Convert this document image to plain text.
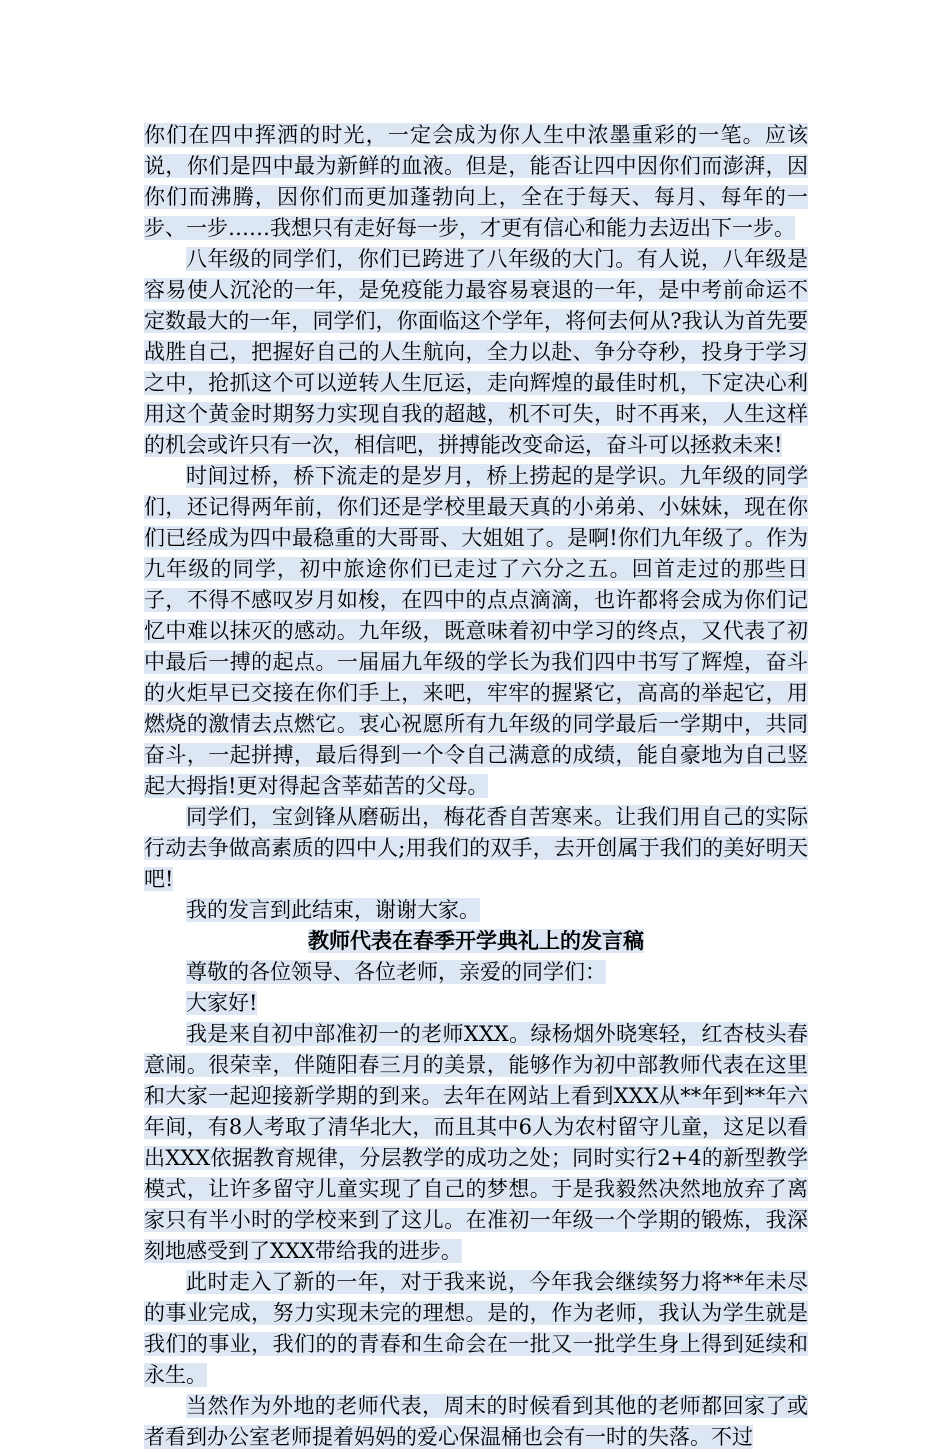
你们在四中挥洒的时光，一定会成为你人生中浓墨重彩的一笔。应该说，你们是四中最为新鲜的血液。但是，能否让四中因你们而澎湃，因你们而沸腾，因你们而更加蓬勃向上，全在于每天、每月、每年的一步、一步……我想只有走好每一步，才更有信心和能力去迈出下一步。

八年级的同学们，你们已跨进了八年级的大门。有人说，八年级是容易使人沉沦的一年，是免疫能力最容易衰退的一年，是中考前命运不定数最大的一年，同学们，你面临这个学年，将何去何从?我认为首先要战胜自己，把握好自己的人生航向，全力以赴、争分夺秒，投身于学习之中，抢抓这个可以逆转人生厄运，走向辉煌的最佳时机，下定决心利用这个黄金时期努力实现自我的超越，机不可失，时不再来，人生这样的机会或许只有一次，相信吧，拼搏能改变命运，奋斗可以拯救未来!

时间过桥，桥下流走的是岁月，桥上捞起的是学识。九年级的同学们，还记得两年前，你们还是学校里最天真的小弟弟、小妹妹，现在你们已经成为四中最稳重的大哥哥、大姐姐了。是啊!你们九年级了。作为九年级的同学，初中旅途你们已走过了六分之五。回首走过的那些日子，不得不感叹岁月如梭，在四中的点点滴滴，也许都将会成为你们记忆中难以抹灭的感动。九年级，既意味着初中学习的终点，又代表了初中最后一搏的起点。一届届九年级的学长为我们四中书写了辉煌，奋斗的火炬早已交接在你们手上，来吧，牢牢的握紧它，高高的举起它，用燃烧的激情去点燃它。衷心祝愿所有九年级的同学最后一学期中，共同奋斗，一起拼搏，最后得到一个令自己满意的成绩，能自豪地为自己竖起大拇指!更对得起含莘茹苦的父母。

同学们，宝剑锋从磨砺出，梅花香自苦寒来。让我们用自己的实际行动去争做高素质的四中人;用我们的双手，去开创属于我们的美好明天吧!

我的发言到此结束，谢谢大家。

教师代表在春季开学典礼上的发言稿

尊敬的各位领导、各位老师，亲爱的同学们：

大家好!

我是来自初中部准初一的老师XXX。绿杨烟外晓寒轻，红杏枝头春意闹。很荣幸，伴随阳春三月的美景，能够作为初中部教师代表在这里和大家一起迎接新学期的到来。去年在网站上看到XXX从**年到**年六年间，有8人考取了清华北大，而且其中6人为农村留守儿童，这足以看出XXX依据教育规律，分层教学的成功之处；同时实行2+4的新型教学模式，让许多留守儿童实现了自己的梦想。于是我毅然决然地放弃了离家只有半小时的学校来到了这儿。在准初一年级一个学期的锻炼，我深刻地感受到了XXX带给我的进步。

此时走入了新的一年，对于我来说，今年我会继续努力将**年未尽的事业完成，努力实现未完的理想。是的，作为老师，我认为学生就是我们的事业，我们的的青春和生命会在一批又一批学生身上得到延续和永生。

当然作为外地的老师代表，周末的时候看到其他的老师都回家了或者看到办公室老师提着妈妈的爱心保温桶也会有一时的失落。不过
